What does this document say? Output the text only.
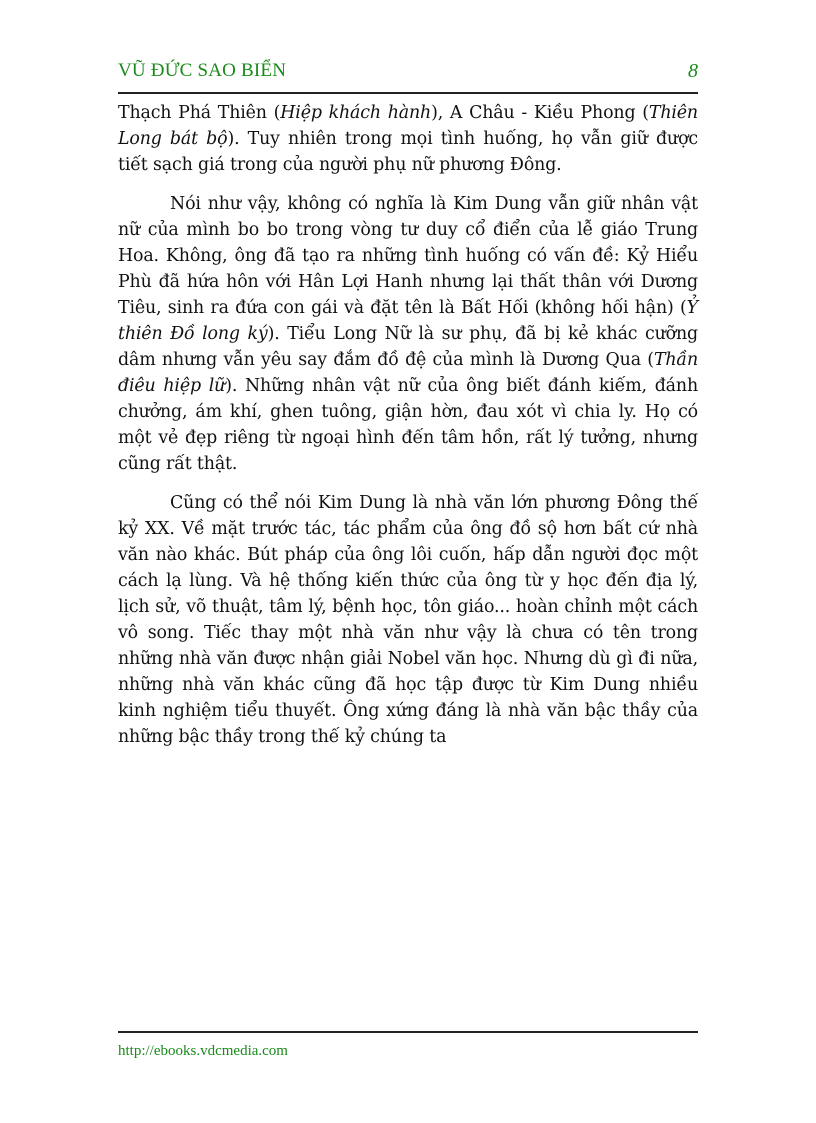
VŨ ĐỨC SAO BIỂN	8

Thạch Phá Thiên (Hiệp khách hành), A Châu - Kiều Phong (Thiên Long bát bộ). Tuy nhiên trong mọi tình huống, họ vẫn giữ được tiết sạch giá trong của người phụ nữ phương Đông.

Nói như vậy, không có nghĩa là Kim Dung vẫn giữ nhân vật nữ của mình bo bo trong vòng tư duy cổ điển của lễ giáo Trung Hoa. Không, ông đã tạo ra những tình huống có vấn đề: Kỷ Hiểu Phù đã hứa hôn với Hân Lợi Hanh nhưng lại thất thân với Dương Tiêu, sinh ra đứa con gái và đặt tên là Bất Hối (không hối hận) (Ỷ thiên Đồ long ký). Tiểu Long Nữ là sư phụ, đã bị kẻ khác cưỡng dâm nhưng vẫn yêu say đắm đồ đệ của mình là Dương Qua (Thần điêu hiệp lữ). Những nhân vật nữ của ông biết đánh kiếm, đánh chưởng, ám khí, ghen tuông, giận hờn, đau xót vì chia ly. Họ có một vẻ đẹp riêng từ ngoại hình đến tâm hồn, rất lý tưởng, nhưng cũng rất thật.

Cũng có thể nói Kim Dung là nhà văn lớn phương Đông thế kỷ XX. Về mặt trước tác, tác phẩm của ông đồ sộ hơn bất cứ nhà văn nào khác. Bút pháp của ông lôi cuốn, hấp dẫn người đọc một cách lạ lùng. Và hệ thống kiến thức của ông từ y học đến địa lý, lịch sử, võ thuật, tâm lý, bệnh học, tôn giáo... hoàn chỉnh một cách vô song. Tiếc thay một nhà văn như vậy là chưa có tên trong những nhà văn được nhận giải Nobel văn học. Nhưng dù gì đi nữa, những nhà văn khác cũng đã học tập được từ Kim Dung nhiều kinh nghiệm tiểu thuyết. Ông xứng đáng là nhà văn bậc thầy của những bậc thầy trong thế kỷ chúng ta

http://ebooks.vdcmedia.com
